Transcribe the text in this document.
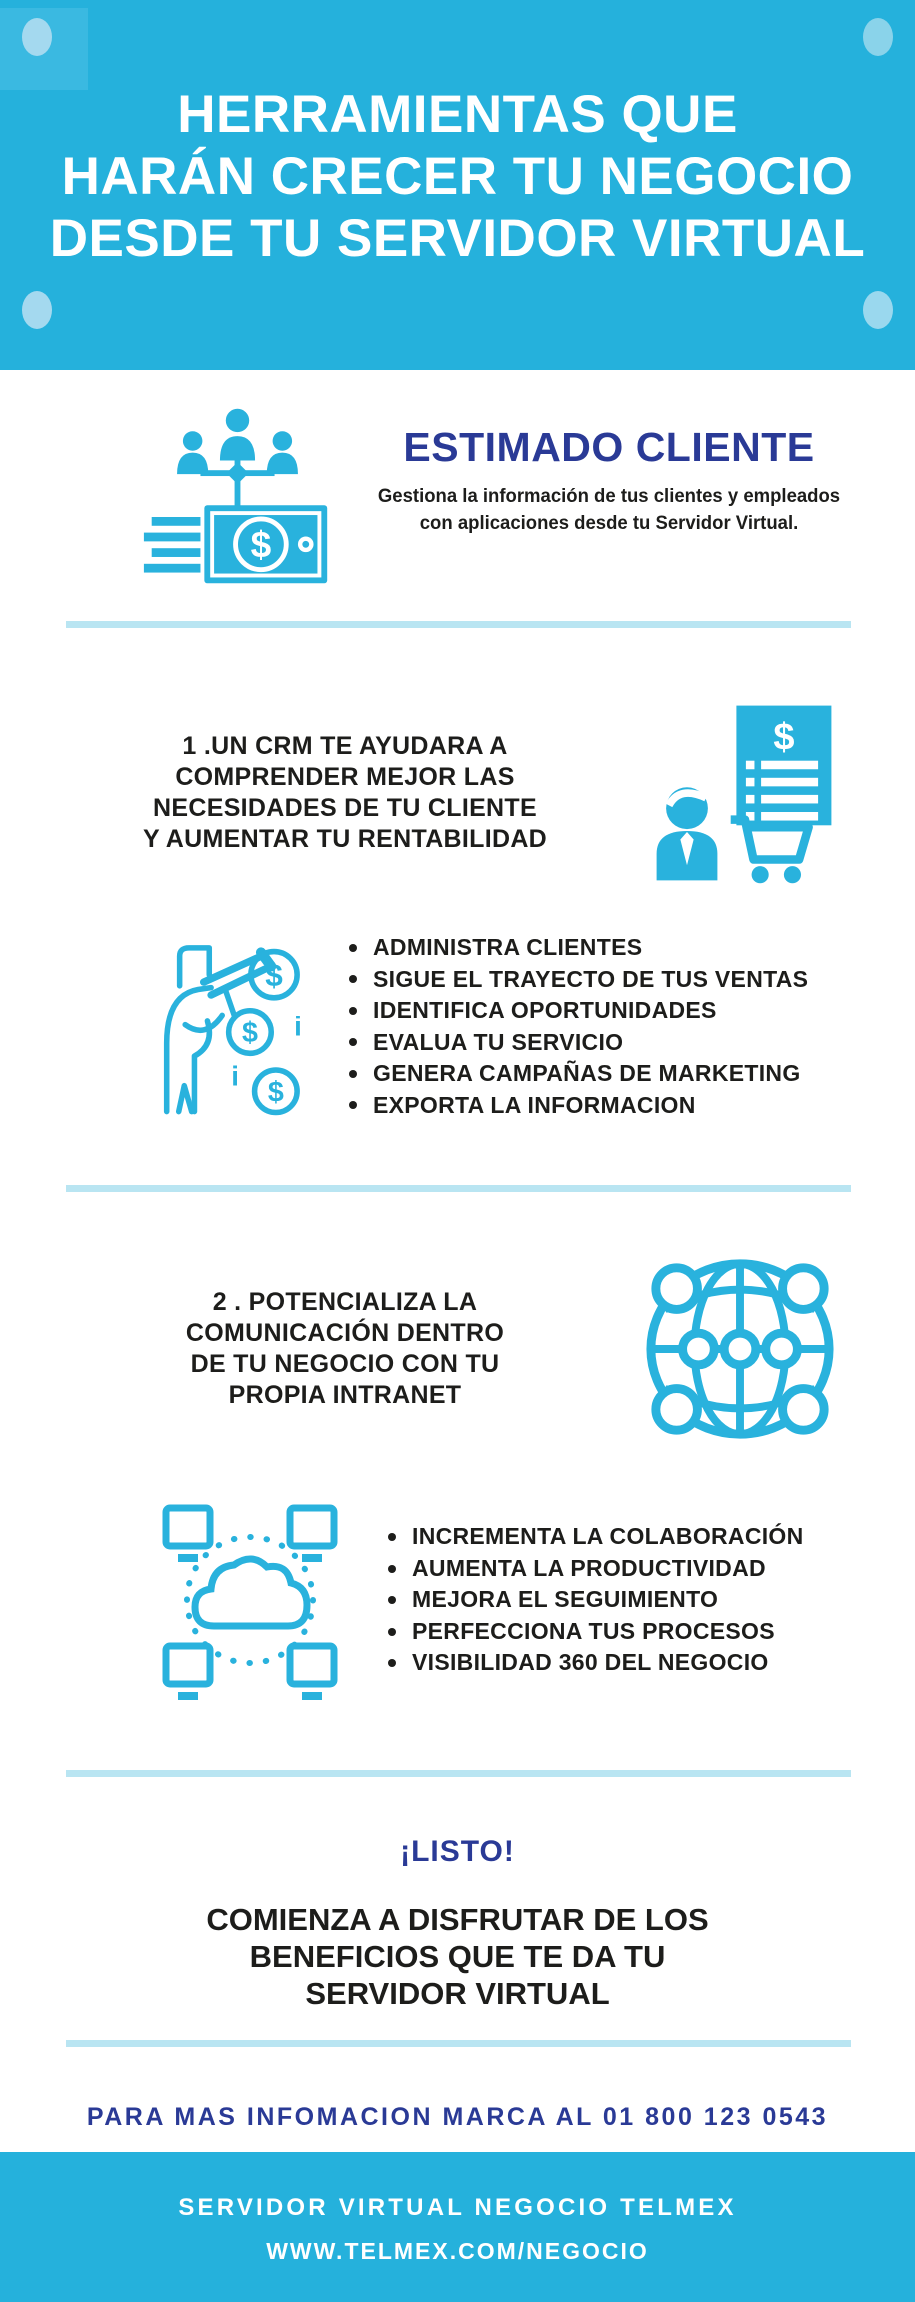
HERRAMIENTAS QUE
HARÁN CRECER TU NEGOCIO
DESDE TU SERVIDOR VIRTUAL
$
ESTIMADO CLIENTE

Gestiona la información de tus clientes y empleados con aplicaciones desde tu Servidor Virtual.

1 .UN CRM TE AYUDARA A
COMPRENDER MEJOR LAS
NECESIDADES DE TU CLIENTE
Y AUMENTAR TU RENTABILIDAD
$
$
$
$
i
i
ADMINISTRA CLIENTES
SIGUE EL TRAYECTO DE TUS VENTAS
IDENTIFICA OPORTUNIDADES
EVALUA TU SERVICIO
GENERA CAMPAÑAS DE MARKETING
EXPORTA LA INFORMACION
2 . POTENCIALIZA LA
COMUNICACIÓN DENTRO
DE TU NEGOCIO CON TU
PROPIA INTRANET
INCREMENTA LA COLABORACIÓN
AUMENTA LA PRODUCTIVIDAD
MEJORA EL SEGUIMIENTO
PERFECCIONA TUS PROCESOS
VISIBILIDAD 360 DEL NEGOCIO
¡LISTO!

COMIENZA A DISFRUTAR DE LOS
BENEFICIOS QUE TE DA TU
SERVIDOR VIRTUAL

PARA MAS INFOMACION MARCA AL 01 800 123 0543

SERVIDOR VIRTUAL NEGOCIO TELMEX

WWW.TELMEX.COM/NEGOCIO
